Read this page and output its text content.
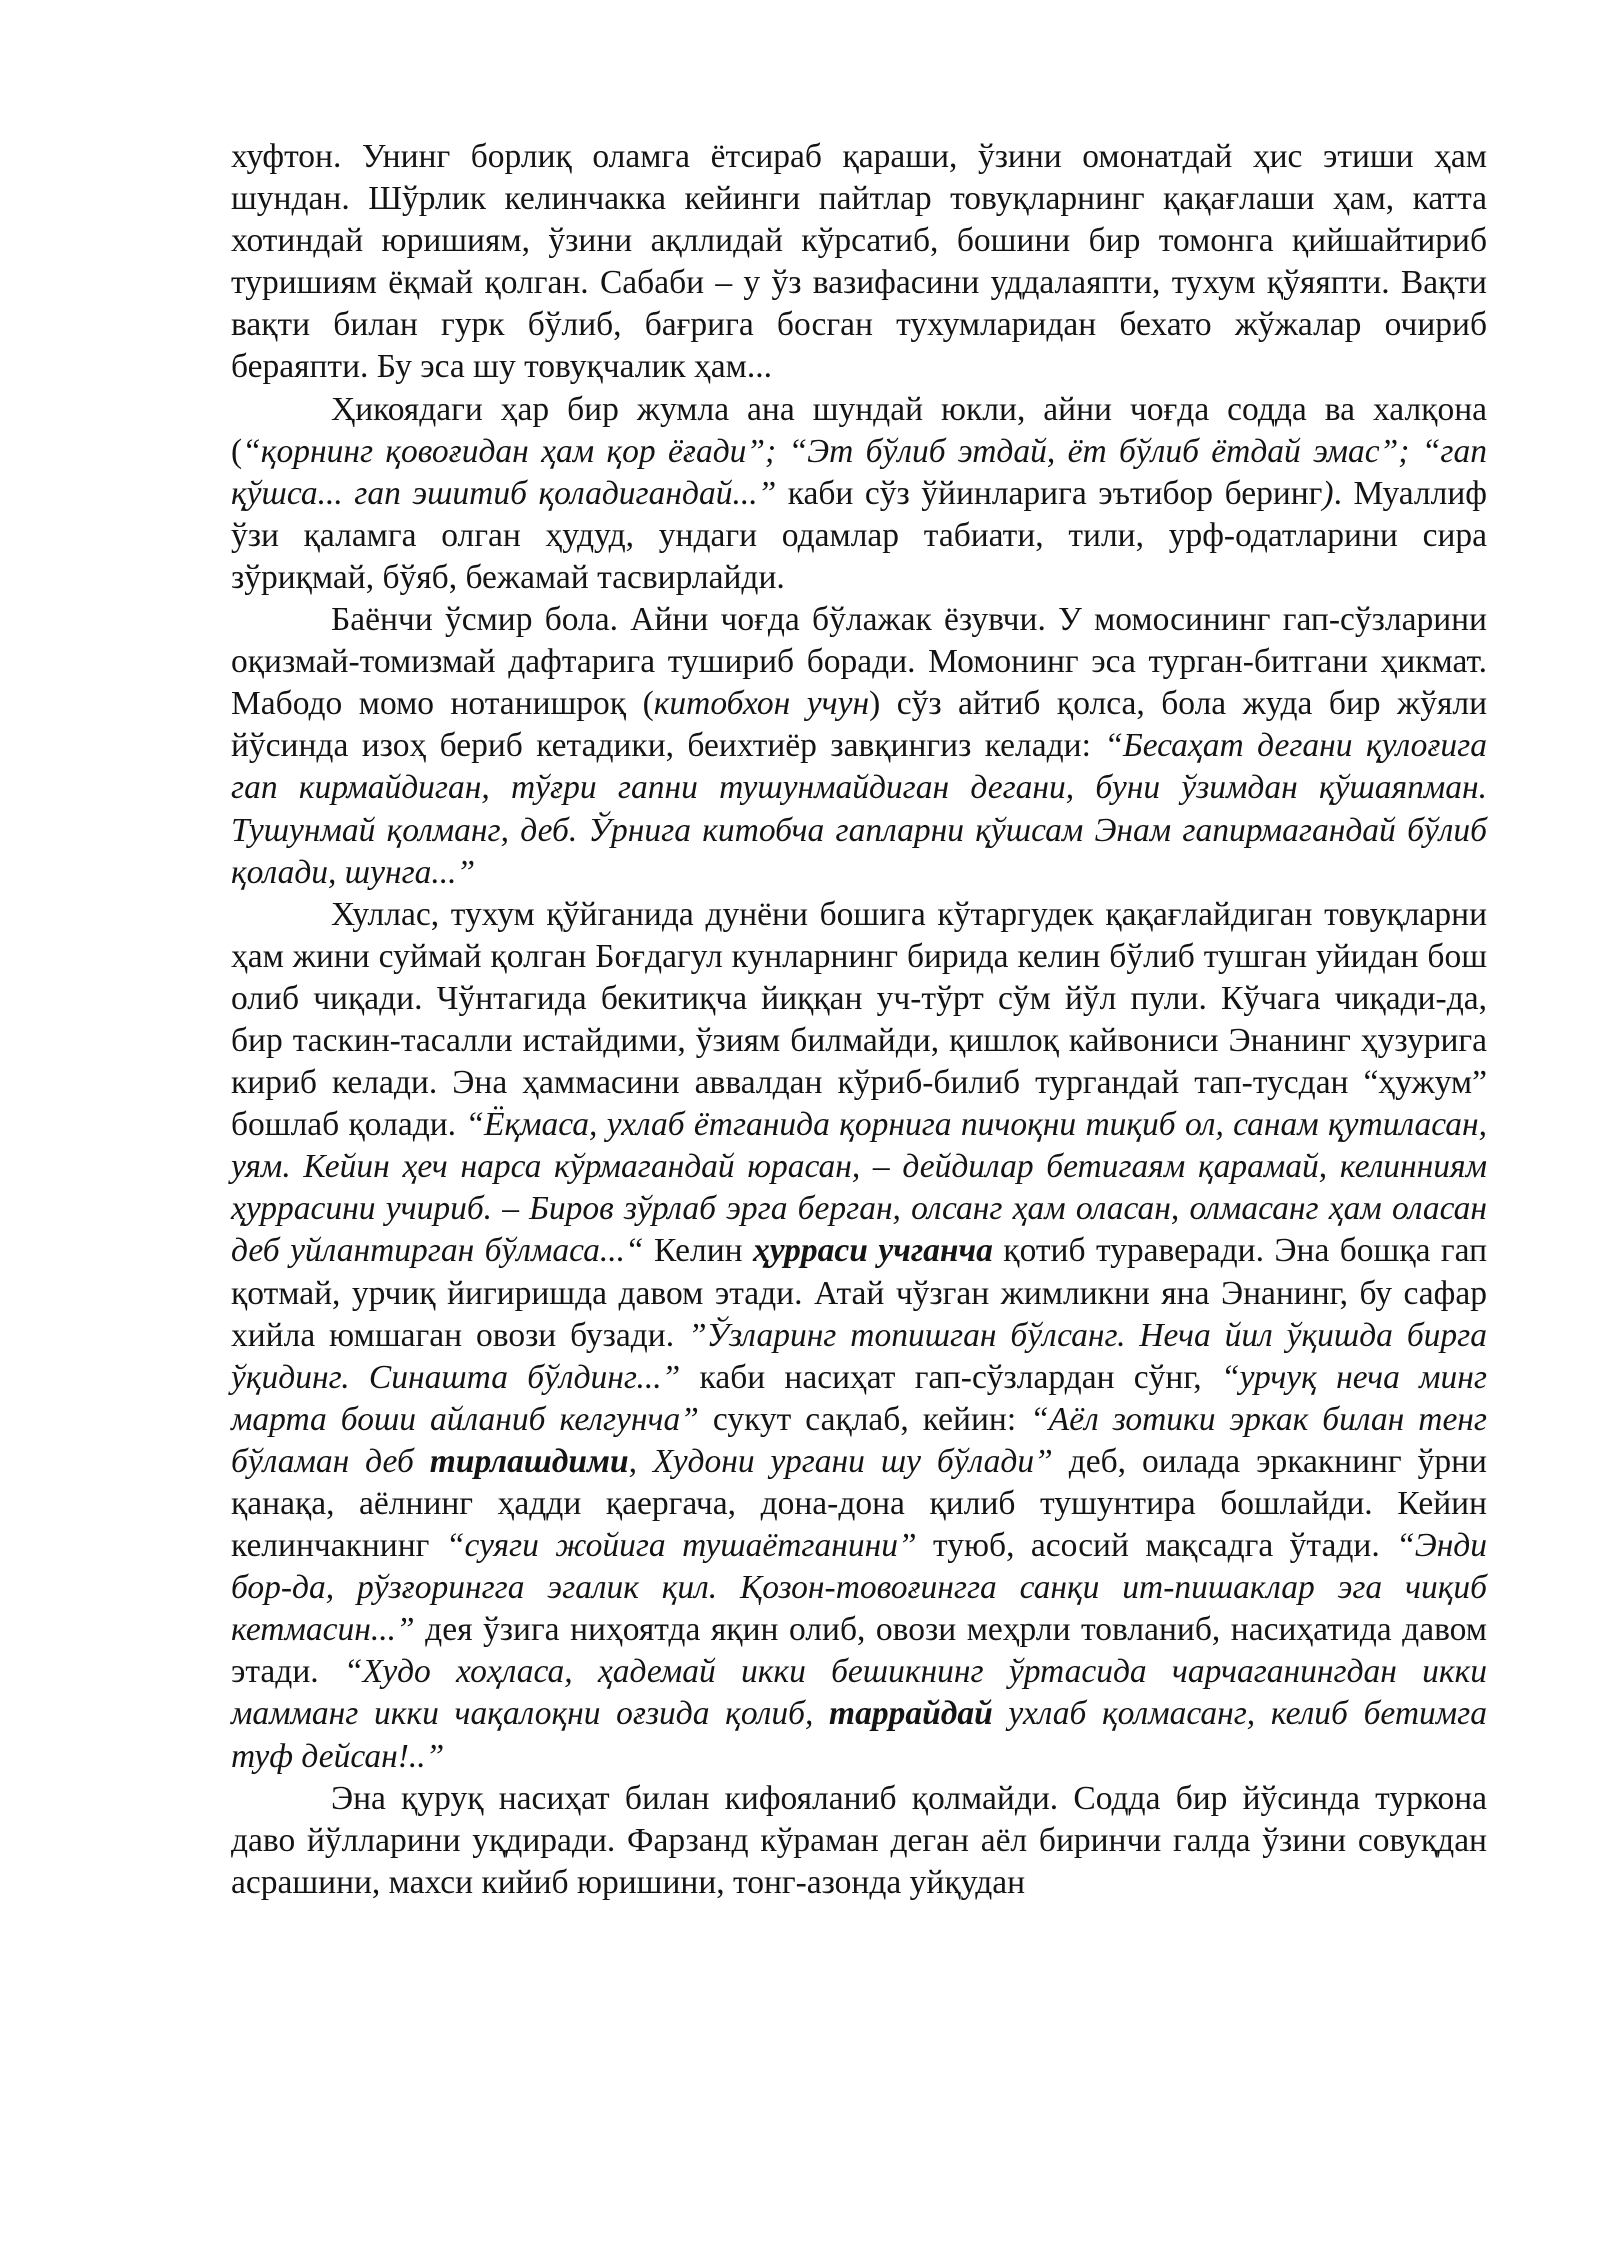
хуфтон. Унинг борлиқ оламга ётсираб қараши, ўзини омонатдай ҳис этиши ҳам шундан. Шўрлик келинчакка кейинги пайтлар товуқларнинг қақағлаши ҳам, катта хотиндай юришиям, ўзини ақллидай кўрсатиб, бошини бир томонга қийшайтириб туришиям ёқмай қолган. Сабаби – у ўз вазифасини уддалаяпти, тухум қўяяпти. Вақти вақти билан гурк бўлиб, бағрига босган тухумларидан бехато жўжалар очириб бераяпти. Бу эса шу товуқчалик ҳам...

Ҳикоядаги ҳар бир жумла ана шундай юкли, айни чоғда содда ва халқона (“қорнинг қовоғидан ҳам қор ёғади”; “Эт бўлиб этдай, ёт бўлиб ётдай эмас”; “гап қўшса... гап эшитиб қоладигандай...” каби сўз ўйинларига эътибор беринг). Муаллиф ўзи қаламга олган ҳудуд, ундаги одамлар табиати, тили, урф-одатларини сира зўриқмай, бўяб, бежамай тасвирлайди.

Баёнчи ўсмир бола. Айни чоғда бўлажак ёзувчи. У момосининг гап-сўзларини оқизмай-томизмай дафтарига тушириб боради. Момонинг эса турган-битгани ҳикмат. Мабодо момо нотанишроқ (китобхон учун) сўз айтиб қолса, бола жуда бир жўяли йўсинда изоҳ бериб кетадики, беихтиёр завқингиз келади: “Бесаҳат дегани қулоғига гап кирмайдиган, тўғри гапни тушунмайдиган дегани, буни ўзимдан қўшаяпман. Тушунмай қолманг, деб. Ўрнига китобча гапларни қўшсам Энам гапирмагандай бўлиб қолади, шунга...”

Хуллас, тухум қўйганида дунёни бошига кўтаргудек қақағлайдиган товуқларни ҳам жини суймай қолган Боғдагул кунларнинг бирида келин бўлиб тушган уйидан бош олиб чиқади. Чўнтагида бекитиқча йиққан уч-тўрт сўм йўл пули. Кўчага чиқади-да, бир таскин-тасалли истайдими, ўзиям билмайди, қишлоқ кайвониси Энанинг ҳузурига кириб келади. Эна ҳаммасини аввалдан кўриб-билиб тургандай тап-тусдан “ҳужум” бошлаб қолади. “Ёқмаса, ухлаб ётганида қорнига пичоқни тиқиб ол, санам қутиласан, уям. Кейин ҳеч нарса кўрмагандай юрасан, – дейдилар бетигаям қарамай, келинниям ҳуррасини учириб. – Биров зўрлаб эрга берган, олсанг ҳам оласан, олмасанг ҳам оласан деб уйлантирган бўлмаса...“ Келин ҳурраси учганча қотиб тураверади. Эна бошқа гап қотмай, урчиқ йигиришда давом этади. Атай чўзган жимликни яна Энанинг, бу сафар хийла юмшаган овози бузади. ”Ўзларинг топишган бўлсанг. Неча йил ўқишда бирга ўқидинг. Синашта бўлдинг...” каби насиҳат гап-сўзлардан сўнг, “урчуқ неча минг марта боши айланиб келгунча” сукут сақлаб, кейин: “Аёл зотики эркак билан тенг бўламан деб тирлашдими, Худони ургани шу бўлади” деб, оилада эркакнинг ўрни қанақа, аёлнинг ҳадди қаергача, дона-дона қилиб тушунтира бошлайди. Кейин келинчакнинг “суяги жойига тушаётганини” туюб, асосий мақсадга ўтади. “Энди бор-да, рўзғорингга эгалик қил. Қозон-товоғингга санқи ит-пишаклар эга чиқиб кетмасин...” дея ўзига ниҳоятда яқин олиб, овози меҳрли товланиб, насиҳатида давом этади. “Худо хоҳласа, ҳадемай икки бешикнинг ўртасида чарчаганингдан икки мамманг икки чақалоқни оғзида қолиб, таррайдай ухлаб қолмасанг, келиб бетимга туф дейсан!..”

Эна қуруқ насиҳат билан кифояланиб қолмайди. Содда бир йўсинда туркона даво йўлларини уқдиради. Фарзанд кўраман деган аёл биринчи галда ўзини совуқдан асрашини, махси кийиб юришини, тонг-азонда уйқудан
